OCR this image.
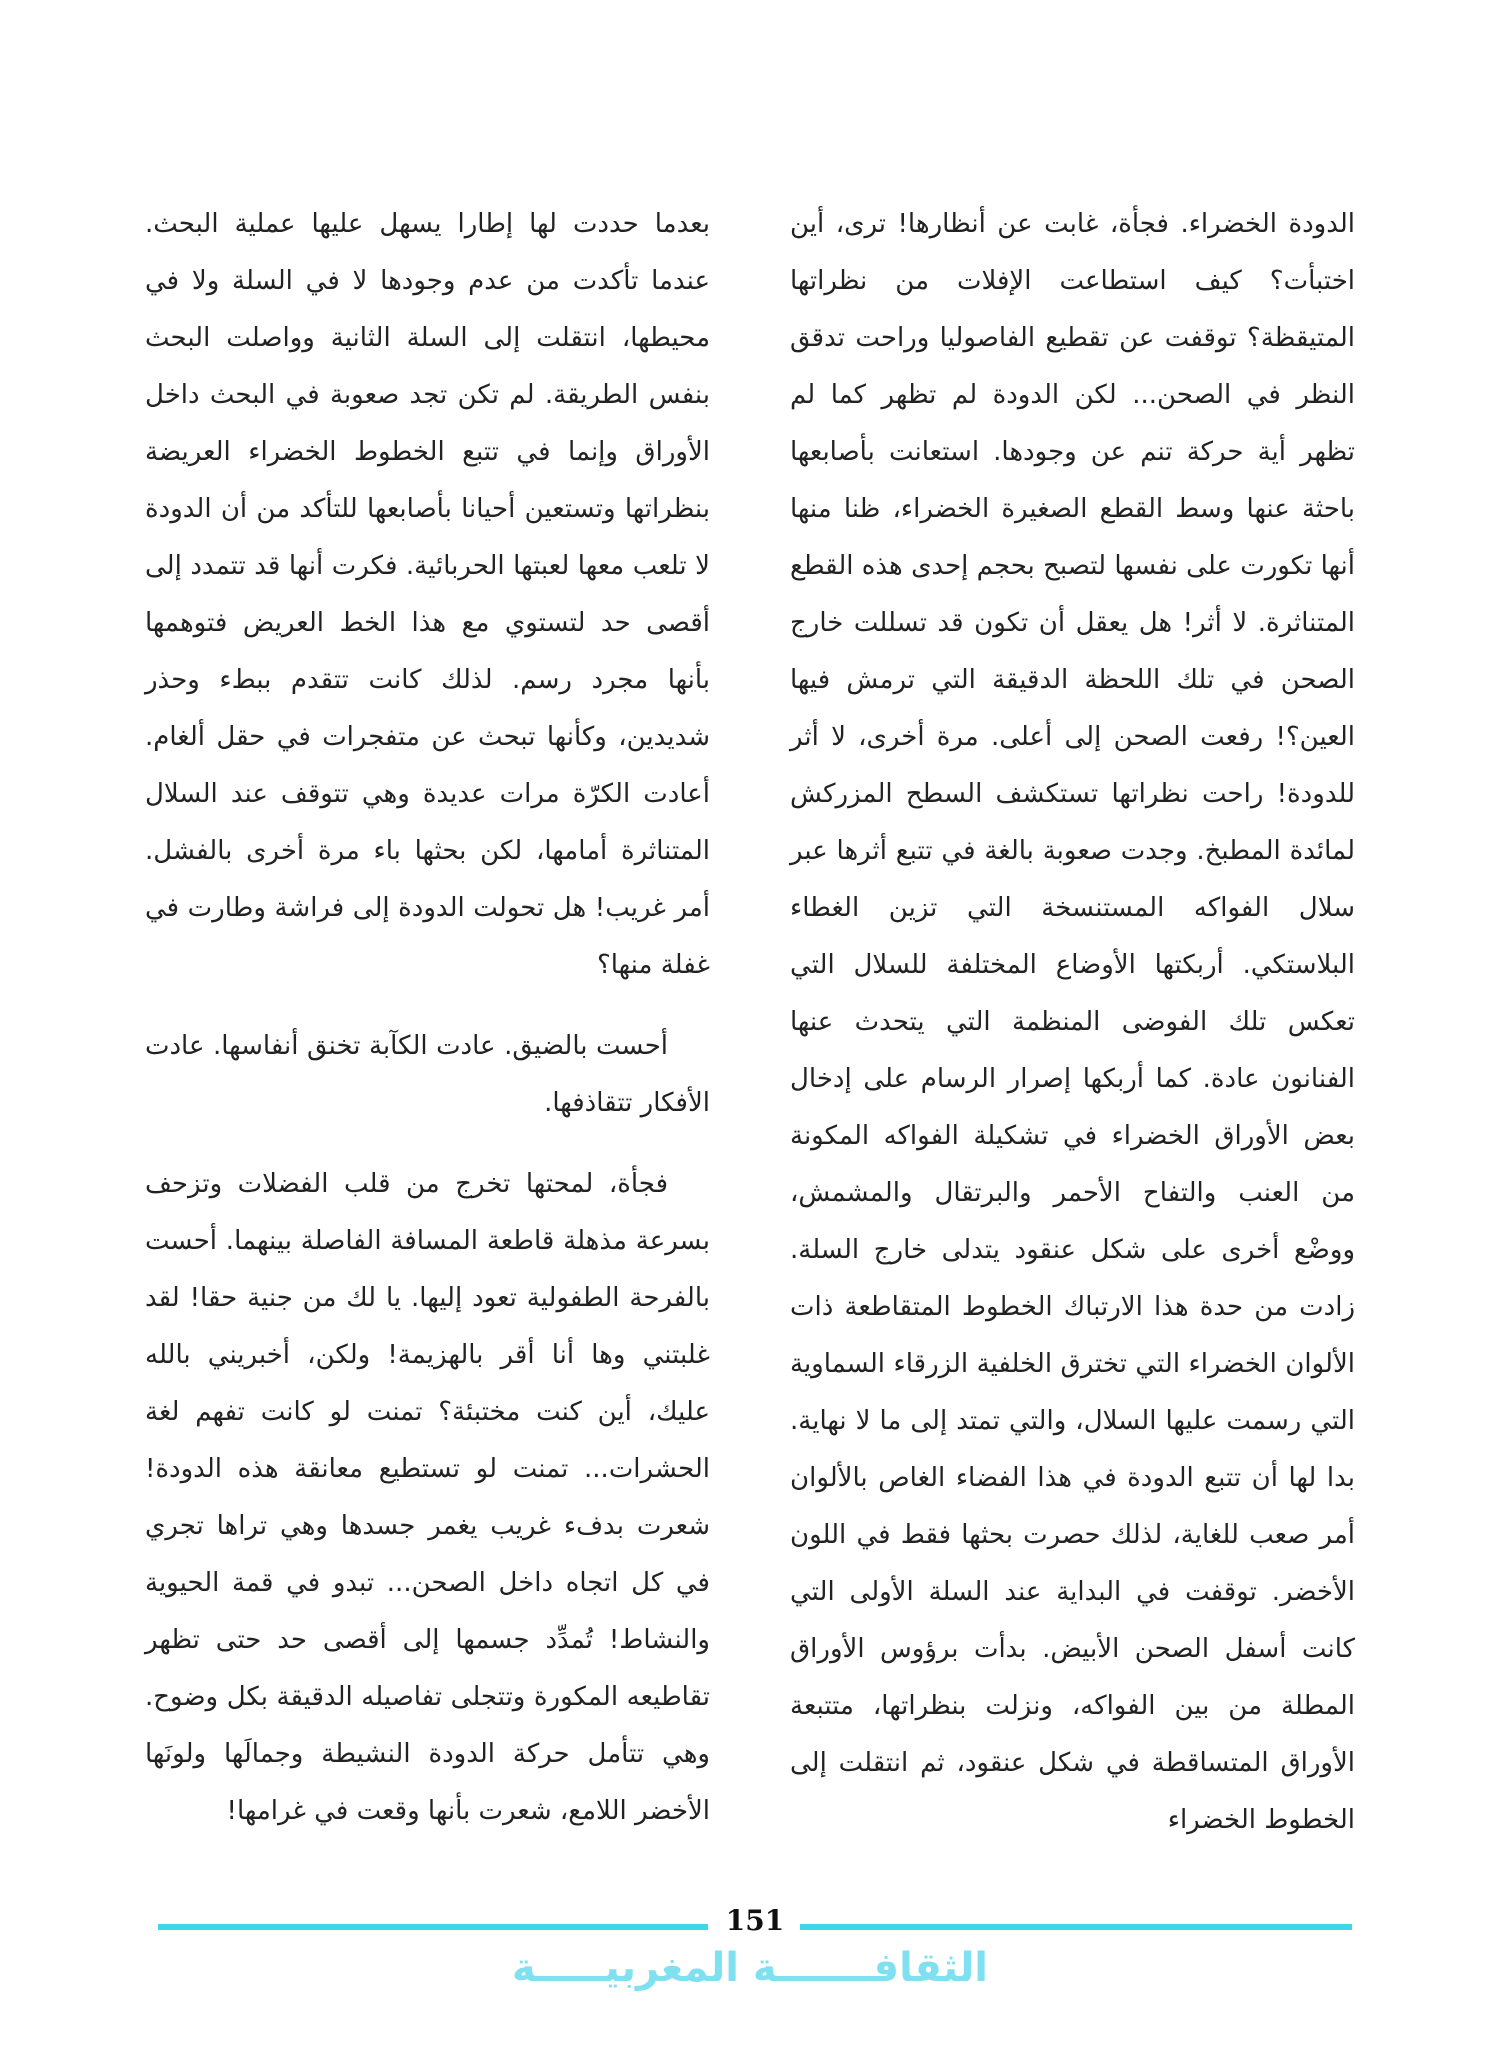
الدودة الخضراء. فجأة، غابت عن أنظارها! ترى، أين اختبأت؟ كيف استطاعت الإفلات من نظراتها المتيقظة؟ توقفت عن تقطيع الفاصوليا وراحت تدقق النظر في الصحن... لكن الدودة لم تظهر كما لم تظهر أية حركة تنم عن وجودها. استعانت بأصابعها باحثة عنها وسط القطع الصغيرة الخضراء، ظنا منها أنها تكورت على نفسها لتصبح بحجم إحدى هذه القطع المتناثرة. لا أثر! هل يعقل أن تكون قد تسللت خارج الصحن في تلك اللحظة الدقيقة التي ترمش فيها العين؟! رفعت الصحن إلى أعلى. مرة أخرى، لا أثر للدودة! راحت نظراتها تستكشف السطح المزركش لمائدة المطبخ. وجدت صعوبة بالغة في تتبع أثرها عبر سلال الفواكه المستنسخة التي تزين الغطاء البلاستكي. أربكتها الأوضاع المختلفة للسلال التي تعكس تلك الفوضى المنظمة التي يتحدث عنها الفنانون عادة. كما أربكها إصرار الرسام على إدخال بعض الأوراق الخضراء في تشكيلة الفواكه المكونة من العنب والتفاح الأحمر والبرتقال والمشمش، ووضْع أخرى على شكل عنقود يتدلى خارج السلة. زادت من حدة هذا الارتباك الخطوط المتقاطعة ذات الألوان الخضراء التي تخترق الخلفية الزرقاء السماوية التي رسمت عليها السلال، والتي تمتد إلى ما لا نهاية. بدا لها أن تتبع الدودة في هذا الفضاء الغاص بالألوان أمر صعب للغاية، لذلك حصرت بحثها فقط في اللون الأخضر. توقفت في البداية عند السلة الأولى التي كانت أسفل الصحن الأبيض. بدأت برؤوس الأوراق المطلة من بين الفواكه، ونزلت بنظراتها، متتبعة الأوراق المتساقطة في شكل عنقود، ثم انتقلت إلى الخطوط الخضراء

بعدما حددت لها إطارا يسهل عليها عملية البحث. عندما تأكدت من عدم وجودها لا في السلة ولا في محيطها، انتقلت إلى السلة الثانية وواصلت البحث بنفس الطريقة. لم تكن تجد صعوبة في البحث داخل الأوراق وإنما في تتبع الخطوط الخضراء العريضة بنظراتها وتستعين أحيانا بأصابعها للتأكد من أن الدودة لا تلعب معها لعبتها الحربائية. فكرت أنها قد تتمدد إلى أقصى حد لتستوي مع هذا الخط العريض فتوهمها بأنها مجرد رسم. لذلك كانت تتقدم ببطء وحذر شديدين، وكأنها تبحث عن متفجرات في حقل ألغام. أعادت الكرّة مرات عديدة وهي تتوقف عند السلال المتناثرة أمامها، لكن بحثها باء مرة أخرى بالفشل. أمر غريب! هل تحولت الدودة إلى فراشة وطارت في غفلة منها؟

أحست بالضيق. عادت الكآبة تخنق أنفاسها. عادت الأفكار تتقاذفها.

فجأة، لمحتها تخرج من قلب الفضلات وتزحف بسرعة مذهلة قاطعة المسافة الفاصلة بينهما. أحست بالفرحة الطفولية تعود إليها. يا لك من جنية حقا! لقد غلبتني وها أنا أقر بالهزيمة! ولكن، أخبريني بالله عليك، أين كنت مختبئة؟ تمنت لو كانت تفهم لغة الحشرات... تمنت لو تستطيع معانقة هذه الدودة! شعرت بدفء غريب يغمر جسدها وهي تراها تجري في كل اتجاه داخل الصحن... تبدو في قمة الحيوية والنشاط! تُمدِّد جسمها إلى أقصى حد حتى تظهر تقاطيعه المكورة وتتجلى تفاصيله الدقيقة بكل وضوح. وهي تتأمل حركة الدودة النشيطة وجمالَها ولونَها الأخضر اللامع، شعرت بأنها وقعت في غرامها!

151
الثقافـــــــة المغربيـــــة
